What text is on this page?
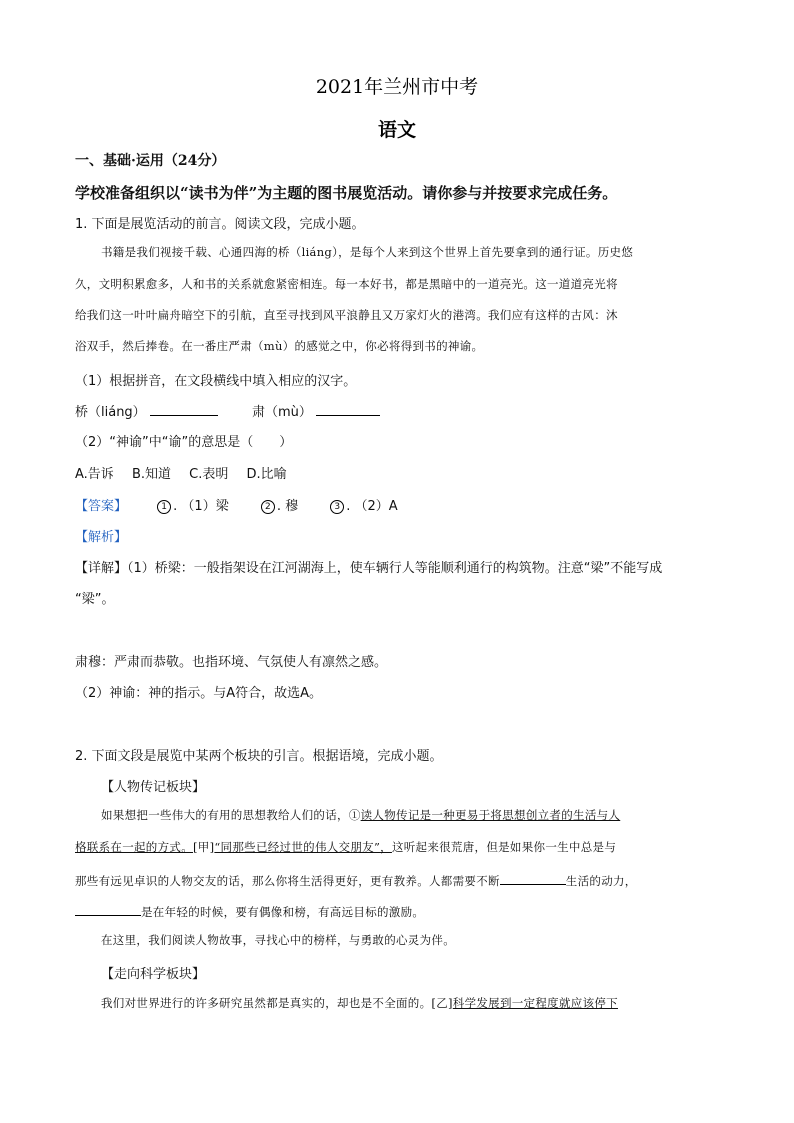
2021年兰州市中考
语文
一、基础·运用（24分）
学校准备组织以“读书为伴”为主题的图书展览活动。请你参与并按要求完成任务。
1. 下面是展览活动的前言。阅读文段，完成小题。
书籍是我们视接千载、心通四海的桥（liáng），是每个人来到这个世界上首先要拿到的通行证。历史悠
久，文明积累愈多，人和书的关系就愈紧密相连。每一本好书，都是黑暗中的一道亮光。这一道道亮光将
给我们这一叶叶扁舟暗空下的引航，直至寻找到风平浪静且又万家灯火的港湾。我们应有这样的古风：沐
浴双手，然后捧卷。在一番庄严肃（mù）的感觉之中，你必将得到书的神谕。
（1）根据拼音，在文段横线中填入相应的汉字。
桥（liáng）	肃（mù）
（2）“神谕”中“谕”的意思是（　　）
A.告诉 B.知道 C.表明 D.比喻
【答案】	1 . （1）梁	2 . 穆	3 . （2）A
【解析】
【详解】（1）桥梁：一般指架设在江河湖海上，使车辆行人等能顺利通行的构筑物。注意“梁”不能写成
“梁”。
肃穆：严肃而恭敬。也指环境、气氛使人有凛然之感。
（2）神谕：神的指示。与A符合，故选A。
2. 下面文段是展览中某两个板块的引言。根据语境，完成小题。
【人物传记板块】
如果想把一些伟大的有用的思想教给人们的话，①读人物传记是一种更易于将思想创立者的生活与人
格联系在一起的方式。[甲]“同那些已经过世的伟人交朋友”，这听起来很荒唐，但是如果你一生中总是与
那些有远见卓识的人物交友的话，那么你将生活得更好，更有教养。人都需要不断	生活的动力，
是在年轻的时候，要有偶像和榜，有高远目标的激励。
在这里，我们阅读人物故事，寻找心中的榜样，与勇敢的心灵为伴。
【走向科学板块】
我们对世界进行的许多研究虽然都是真实的，却也是不全面的。[乙]科学发展到一定程度就应该停下
